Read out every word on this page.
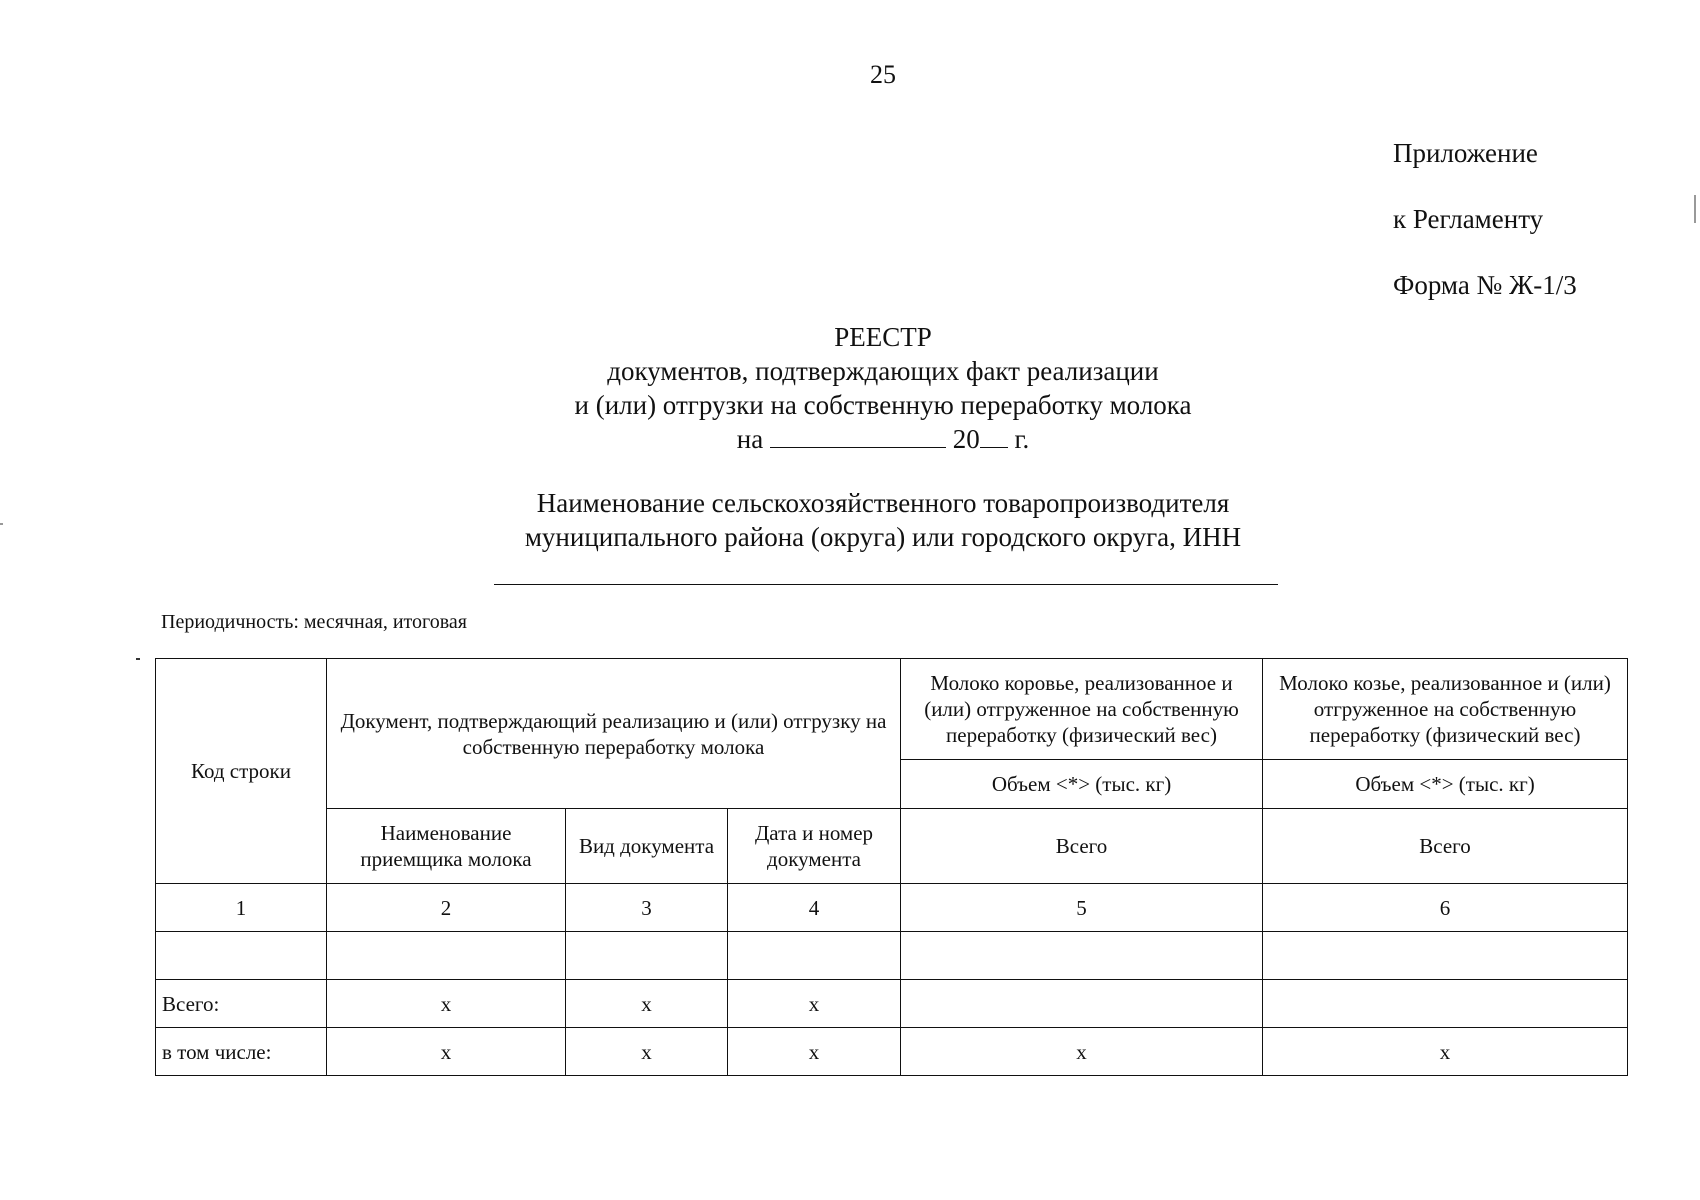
25
Приложение
к Регламенту
Форма № Ж-1/3
РЕЕСТР
документов, подтверждающих факт реализации
и (или) отгрузки на собственную переработку молока
на	20 г.
Наименование сельскохозяйственного товаропроизводителя
муниципального района (округа) или городского округа, ИНН
Периодичность: месячная, итоговая
Код строки	Документ, подтверждающий реализацию и (или) отгрузку на собственную переработку молока			Молоко коровье, реализованное и (или) отгруженное на собственную переработку (физический вес)	Молоко козье, реализованное и (или) отгруженное на собственную переработку (физический вес)
				Объем <*> (тыс. кг)	Объем <*> (тыс. кг)
	Наименование приемщика молока	Вид документа	Дата и номер документа	Всего	Всего
1	2	3	4	5	6

Всего:	x	x	x		
в том числе:	x	x	x	x	x
